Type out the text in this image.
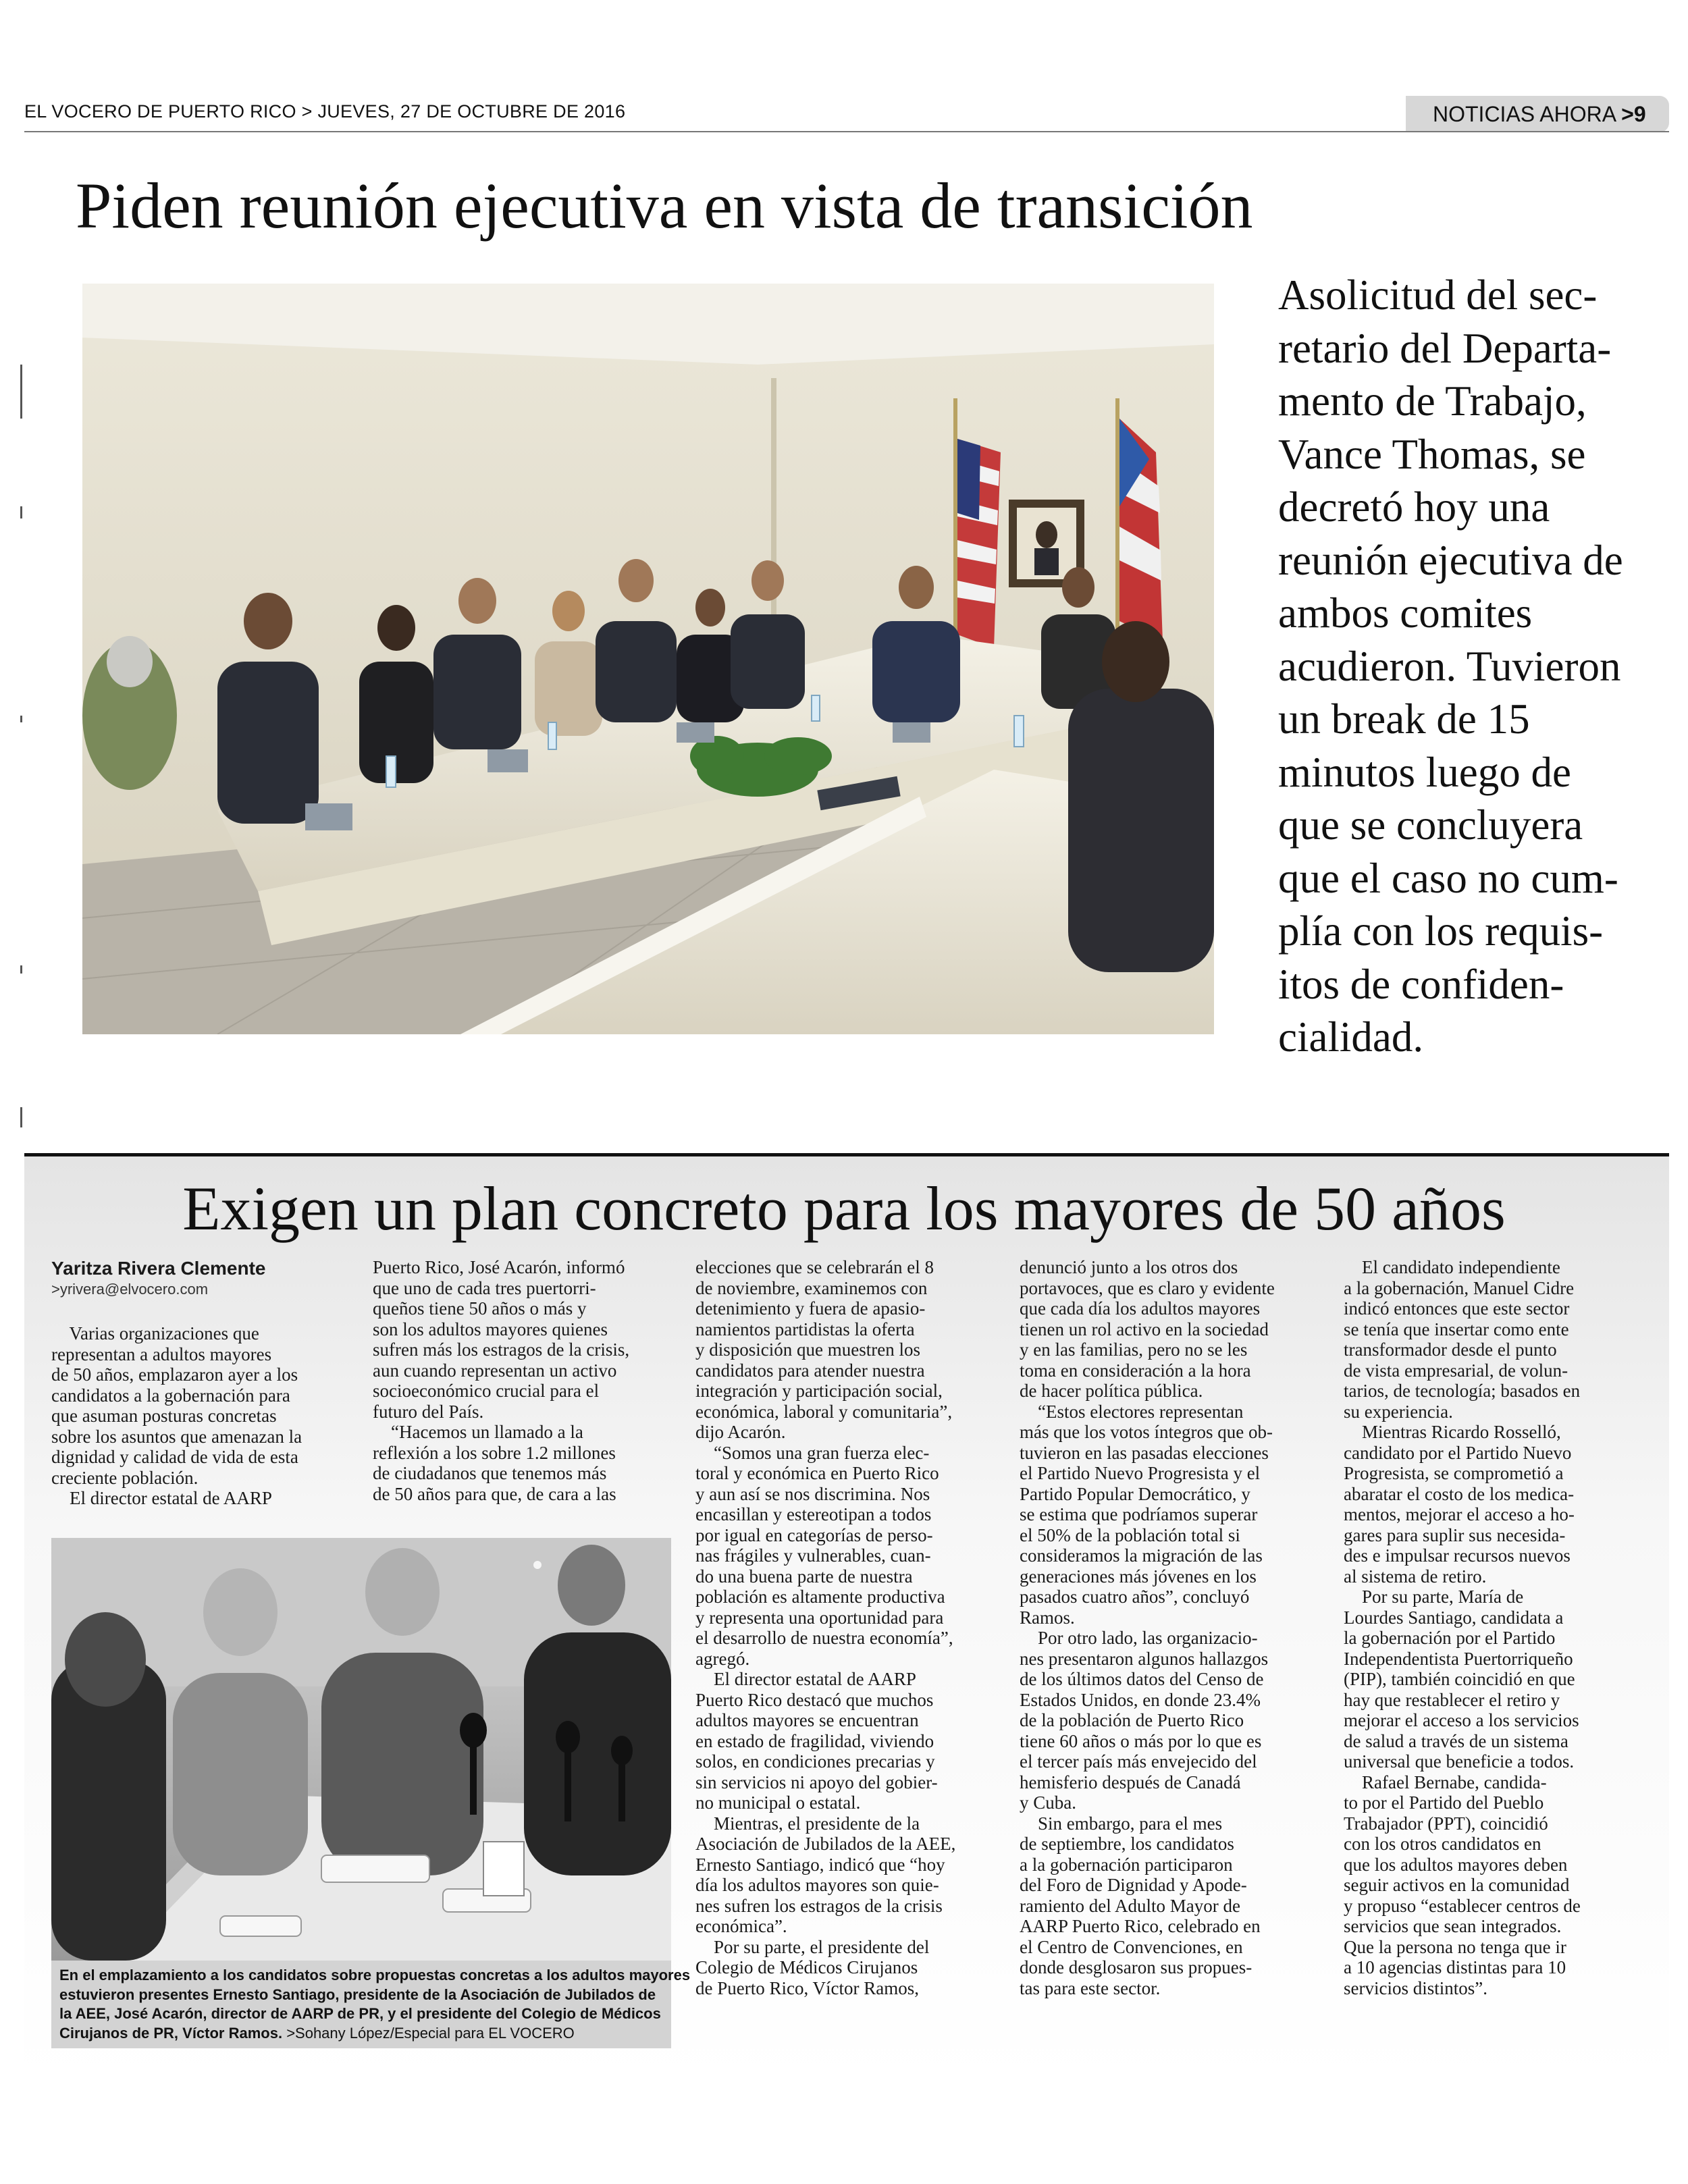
EL VOCERO DE PUERTO RICO > JUEVES, 27 DE OCTUBRE DE 2016	NOTICIAS AHORA >9
Piden reunión ejecutiva en vista de transición
Asolicitud del sec-
retario del Departa-
mento de Trabajo,
Vance Thomas, se
decretó hoy una
reunión ejecutiva de
ambos comites
acudieron. Tuvieron
un break de 15
minutos luego de
que se concluyera
que el caso no cum-
plía con los requis-
itos de confiden-
cialidad.
Exigen un plan concreto para los mayores de 50 años
Yaritza Rivera Clemente
>yrivera@elvocero.com
Varias organizaciones que
representan a adultos mayores
de 50 años, emplazaron ayer a los
candidatos a la gobernación para
que asuman posturas concretas
sobre los asuntos que amenazan la
dignidad y calidad de vida de esta
creciente población.
El director estatal de AARP
Puerto Rico, José Acarón, informó
que uno de cada tres puertorri-
queños tiene 50 años o más y
son los adultos mayores quienes
sufren más los estragos de la crisis,
aun cuando representan un activo
socioeconómico crucial para el
futuro del País.
“Hacemos un llamado a la
reflexión a los sobre 1.2 millones
de ciudadanos que tenemos más
de 50 años para que, de cara a las
elecciones que se celebrarán el 8
de noviembre, examinemos con
detenimiento y fuera de apasio-
namientos partidistas la oferta
y disposición que muestren los
candidatos para atender nuestra
integración y participación social,
económica, laboral y comunitaria”,
dijo Acarón.
“Somos una gran fuerza elec-
toral y económica en Puerto Rico
y aun así se nos discrimina. Nos
encasillan y estereotipan a todos
por igual en categorías de perso-
nas frágiles y vulnerables, cuan-
do una buena parte de nuestra
población es altamente productiva
y representa una oportunidad para
el desarrollo de nuestra economía”,
agregó.
El director estatal de AARP
Puerto Rico destacó que muchos
adultos mayores se encuentran
en estado de fragilidad, viviendo
solos, en condiciones precarias y
sin servicios ni apoyo del gobier-
no municipal o estatal.
Mientras, el presidente de la
Asociación de Jubilados de la AEE,
Ernesto Santiago, indicó que “hoy
día los adultos mayores son quie-
nes sufren los estragos de la crisis
económica”.
Por su parte, el presidente del
Colegio de Médicos Cirujanos
de Puerto Rico, Víctor Ramos,
denunció junto a los otros dos
portavoces, que es claro y evidente
que cada día los adultos mayores
tienen un rol activo en la sociedad
y en las familias, pero no se les
toma en consideración a la hora
de hacer política pública.
“Estos electores representan
más que los votos íntegros que ob-
tuvieron en las pasadas elecciones
el Partido Nuevo Progresista y el
Partido Popular Democrático, y
se estima que podríamos superar
el 50% de la población total si
consideramos la migración de las
generaciones más jóvenes en los
pasados cuatro años”, concluyó
Ramos.
Por otro lado, las organizacio-
nes presentaron algunos hallazgos
de los últimos datos del Censo de
Estados Unidos, en donde 23.4%
de la población de Puerto Rico
tiene 60 años o más por lo que es
el tercer país más envejecido del
hemisferio después de Canadá
y Cuba.
Sin embargo, para el mes
de septiembre, los candidatos
a la gobernación participaron
del Foro de Dignidad y Apode-
ramiento del Adulto Mayor de
AARP Puerto Rico, celebrado en
el Centro de Convenciones, en
donde desglosaron sus propues-
tas para este sector.
El candidato independiente
a la gobernación, Manuel Cidre
indicó entonces que este sector
se tenía que insertar como ente
transformador desde el punto
de vista empresarial, de volun-
tarios, de tecnología; basados en
su experiencia.
Mientras Ricardo Rosselló,
candidato por el Partido Nuevo
Progresista, se comprometió a
abaratar el costo de los medica-
mentos, mejorar el acceso a ho-
gares para suplir sus necesida-
des e impulsar recursos nuevos
al sistema de retiro.
Por su parte, María de
Lourdes Santiago, candidata a
la gobernación por el Partido
Independentista Puertorriqueño
(PIP), también coincidió en que
hay que restablecer el retiro y
mejorar el acceso a los servicios
de salud a través de un sistema
universal que beneficie a todos.
Rafael Bernabe, candida-
to por el Partido del Pueblo
Trabajador (PPT), coincidió
con los otros candidatos en
que los adultos mayores deben
seguir activos en la comunidad
y propuso “establecer centros de
servicios que sean integrados.
Que la persona no tenga que ir
a 10 agencias distintas para 10
servicios distintos”.
En el emplazamiento a los candidatos sobre propuestas concretas a los adultos mayores
estuvieron presentes Ernesto Santiago, presidente de la Asociación de Jubilados de
la AEE, José Acarón, director de AARP de PR, y el presidente del Colegio de Médicos
Cirujanos de PR, Víctor Ramos. >Sohany López/Especial para EL VOCERO
